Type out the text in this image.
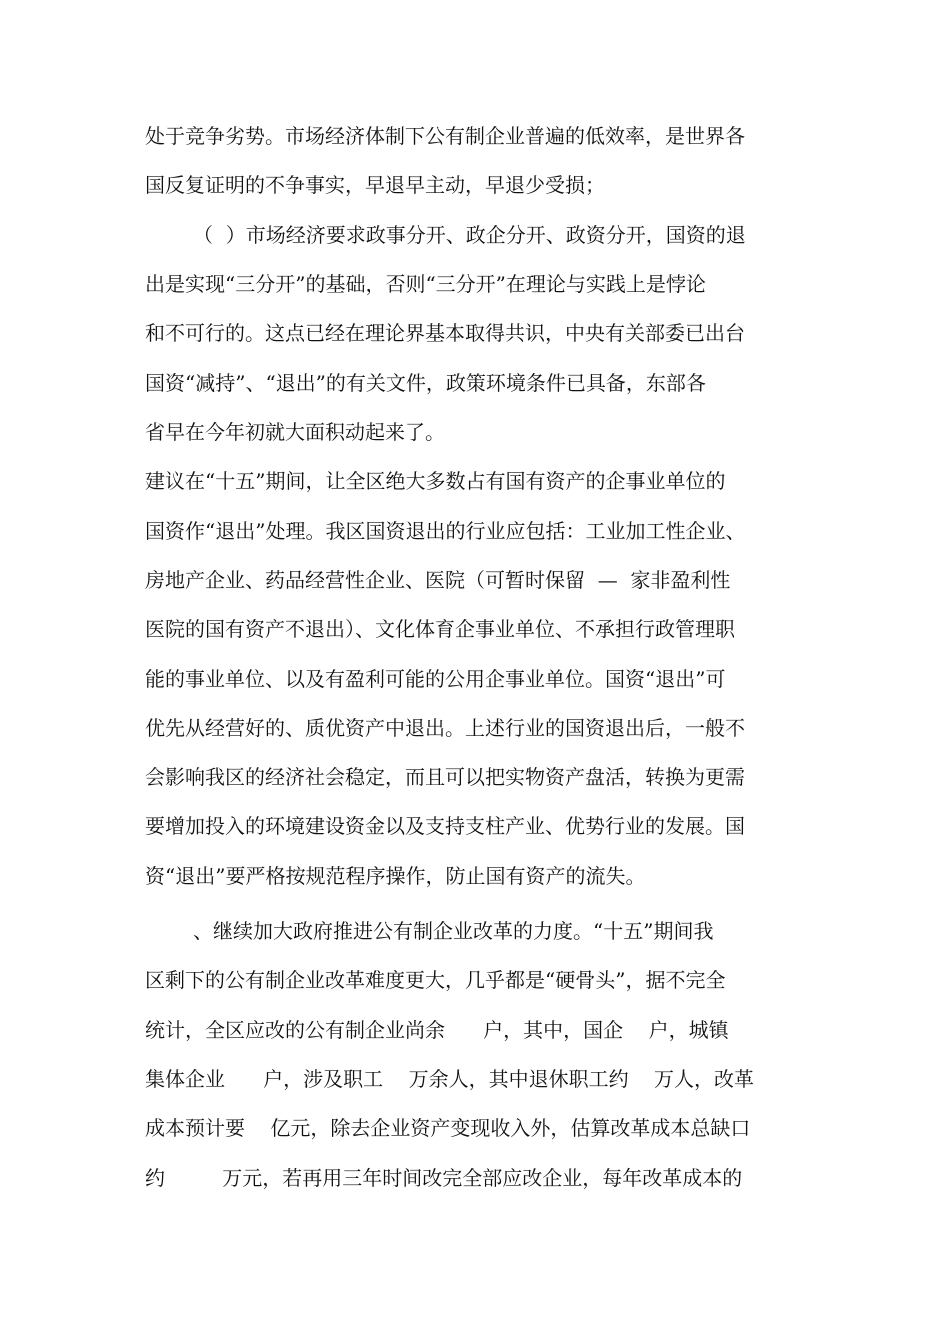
处于竞争劣势。市场经济体制下公有制企业普遍的低效率，是世界各
国反复证明的不争事实，早退早主动，早退少受损；
（  ）市场经济要求政事分开、政企分开、政资分开，国资的退
出是实现“三分开”的基础，否则“三分开”在理论与实践上是悖论
和不可行的。这点已经在理论界基本取得共识，中央有关部委已出台
国资“减持”、“退出”的有关文件，政策环境条件已具备，东部各
省早在今年初就大面积动起来了。
建议在“十五”期间，让全区绝大多数占有国有资产的企事业单位的
国资作“退出”处理。我区国资退出的行业应包括：工业加工性企业、
房地产企业、药品经营性企业、医院（可暂时保留  —  家非盈利性
医院的国有资产不退出）、文化体育企事业单位、不承担行政管理职
能的事业单位、以及有盈利可能的公用企事业单位。国资“退出”可
优先从经营好的、质优资产中退出。上述行业的国资退出后，一般不
会影响我区的经济社会稳定，而且可以把实物资产盘活，转换为更需
要增加投入的环境建设资金以及支持支柱产业、优势行业的发展。国
资“退出”要严格按规范程序操作，防止国有资产的流失。
、继续加大政府推进公有制企业改革的力度。“十五”期间我
区剩下的公有制企业改革难度更大，几乎都是“硬骨头”，据不完全
统计，全区应改的公有制企业尚余      户，其中，国企    户，城镇
集体企业      户，涉及职工    万余人，其中退休职工约    万人，改革
成本预计要    亿元，除去企业资产变现收入外，估算改革成本总缺口
约         万元，若再用三年时间改完全部应改企业，每年改革成本的
